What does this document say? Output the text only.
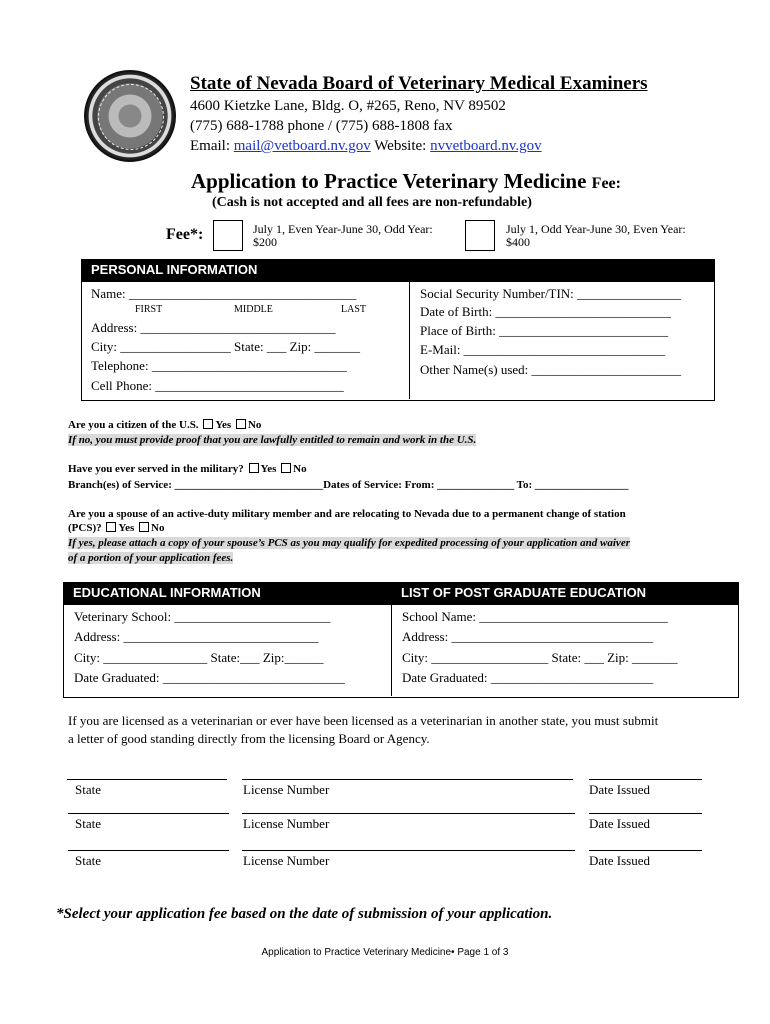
State of Nevada Board of Veterinary Medical Examiners
4600 Kietzke Lane, Bldg. O, #265, Reno, NV 89502
(775) 688-1788 phone / (775) 688-1808 fax
Email: mail@vetboard.nv.gov Website: nvvetboard.nv.gov
Application to Practice Veterinary Medicine Fee:
(Cash is not accepted and all fees are non-refundable)
Fee*:	July 1, Even Year-June 30, Odd Year:
$200
July 1, Odd Year-June 30, Even Year:
$400
PERSONAL INFORMATION
Name: ___________________________________
FIRST	MIDDLE	LAST
Address: ______________________________
City: _________________ State: ___ Zip: _______
Telephone: ______________________________
Cell Phone: _____________________________
Social Security Number/TIN: ________________
Date of Birth: ___________________________
Place of Birth: __________________________
E-Mail: _______________________________
Other Name(s) used: _______________________
Are you a citizen of the U.S. Yes No
If no, you must provide proof that you are lawfully entitled to remain and work in the U.S.
Have you ever served in the military? Yes No
Branch(es) of Service: ___________________________Dates of Service: From: ______________ To: _________________
Are you a spouse of an active-duty military member and are relocating to Nevada due to a permanent change of station
(PCS)? Yes No
If yes, please attach a copy of your spouse’s PCS as you may qualify for expedited processing of your application and waiver
of a portion of your application fees.
EDUCATIONAL INFORMATION	LIST OF POST GRADUATE EDUCATION
Veterinary School: ________________________
Address: ______________________________
City: ________________ State:___ Zip:______
Date Graduated: ____________________________
School Name: _____________________________
Address: _______________________________
City: __________________ State: ___ Zip: _______
Date Graduated: _________________________
If you are licensed as a veterinarian or ever have been licensed as a veterinarian in another state, you must submit
a letter of good standing directly from the licensing Board or Agency.
State	License Number	Date Issued
State	License Number	Date Issued
State	License Number	Date Issued
*Select your application fee based on the date of submission of your application.
Application to Practice Veterinary Medicine• Page 1 of 3
